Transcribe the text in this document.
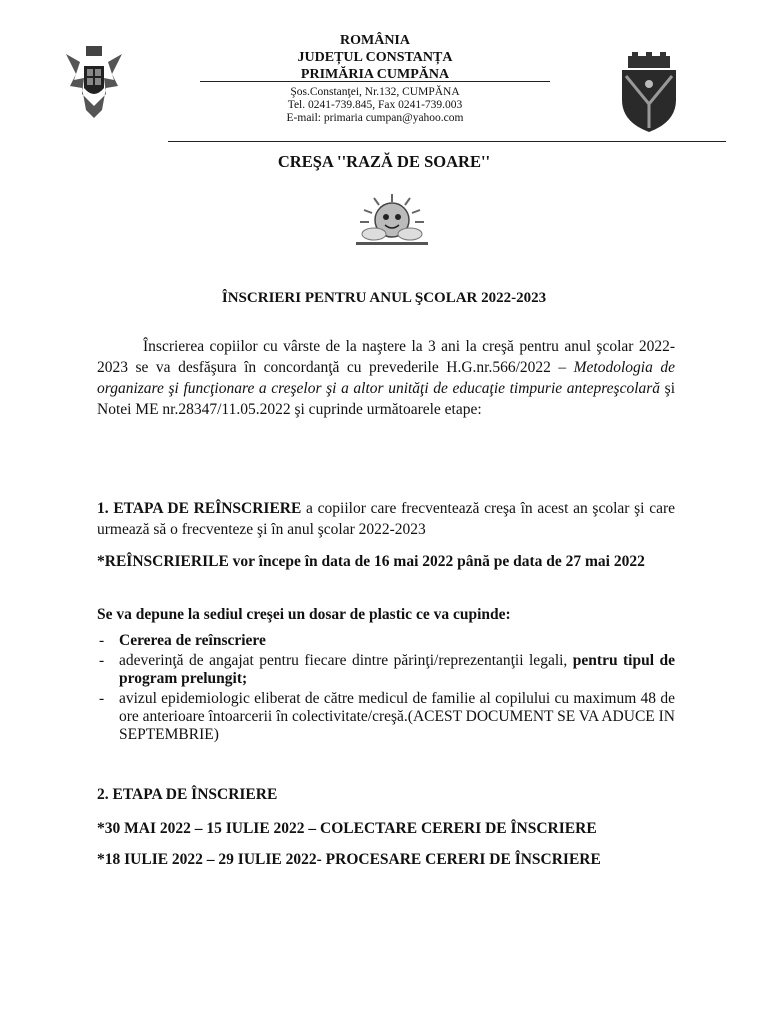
ROMÂNIA
JUDEȚUL CONSTANȚA
PRIMĂRIA CUMPĂNA
Şos.Constanţei, Nr.132, CUMPĂNA
Tel. 0241-739.845, Fax 0241-739.003
E-mail: primaria cumpan@yahoo.com
CREŞA ''RAZĂ DE SOARE''
ÎNSCRIERI PENTRU ANUL ŞCOLAR 2022-2023

Înscrierea copiilor cu vârste de la naştere la 3 ani la creşă pentru anul şcolar 2022-2023 se va desfăşura în concordanţă cu prevederile H.G.nr.566/2022 – Metodologia de organizare şi funcţionare a creşelor şi a altor unităţi de educaţie timpurie antepreşcolară şi Notei ME nr.28347/11.05.2022 şi cuprinde următoarele etape:

1. ETAPA DE REÎNSCRIERE a copiilor care frecventează creşa în acest an şcolar şi care urmează să o frecventeze şi în anul şcolar 2022-2023

*REÎNSCRIERILE vor începe în data de 16 mai 2022 până pe data de 27 mai 2022

Se va depune la sediul creşei un dosar de plastic ce va cupinde:

- Cererea de reînscriere
- adeverinţă de angajat pentru fiecare dintre părinţi/reprezentanţii legali, pentru tipul de program prelungit;
- avizul epidemiologic eliberat de către medicul de familie al copilului cu maximum 48 de ore anterioare întoarcerii în colectivitate/creşă.(ACEST DOCUMENT SE VA ADUCE IN SEPTEMBRIE)
2. ETAPA DE ÎNSCRIERE
*30 MAI 2022 – 15 IULIE 2022 – COLECTARE CERERI DE ÎNSCRIERE
*18 IULIE 2022 – 29 IULIE 2022- PROCESARE CERERI DE ÎNSCRIERE
